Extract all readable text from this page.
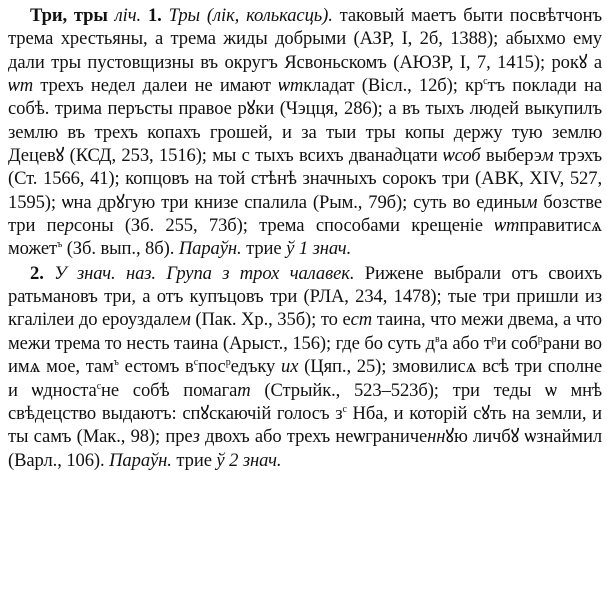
Три, тры ліч. 1. Тры (лік, колькасць). таковый маетъ быти посвѣтчонъ трема хрестьяны, а трема жиды добрыми (АЗР, I, 2б, 1388); абыхмо ему дали тры пустовщизны въ округъ Ясвоньскомъ (АЮЗР, I, 7, 1415); рокꙋ а ѡт трехъ недел далеи не имают ѡткладат (Віcл., 12б); $кр^стъ$ поклади на собѣ. трима перъсты правое рꙋки (Чэцця, 286); а въ тыхъ людей выкупилъ землю въ трехъ копахъ грошей, и за тыи тры копы держу тую землю Децевꙋ (КСД, 253, 1516); мы с тыхъ всихъ дванадцати ѡсоб выберэм трэхъ (Ст. 1566, 41); копцовъ на той стѣнѣ значныхъ сорокъ три (АВК, XIV, 527, 1595); ѡна дрꙋгую три книзе спалила (Рым., 79б); суть во единым бозстве три персоны (Зб. 255, 73б); трема способами крещеніе ѡтправитисѧ может$^ъ$ (Зб. вып., 8б). Параўн. трие ў 1 знач.

2. У знач. наз. Група з трох чалавек. Рижене выбрали отъ своихъ ратьмановъ три, а отъ купъцовъ три (РЛА, 234, 1478); тые три пришли из кгалілеи до ероуздалем (Пак. Хр., 35б); то ест таина, что межи двема, а что межи трема то несть таина (Арыст., 156); где бо суть $д^ва$ або $т^ри$ соб$^р$рани во имѧ мое, там$^ъ$ естомъ $в^спос^редъку$ их (Цяп., 25); змовилисѧ всѣ три сполне и ѡдноста$^с$не собѣ помагат (Стрыйк., 523–523б); три теды ѡ мнѣ свѣдецство выдаютъ: спꙋскаючій голосъ $з^с$ Нба, и которій сꙋть на земли, и ты самъ (Мак., 98); през двохъ або трехъ неѡграниченнꙋю личбꙋ ѡзнаймил (Варл., 106). Параўн. трие ў 2 знач.
